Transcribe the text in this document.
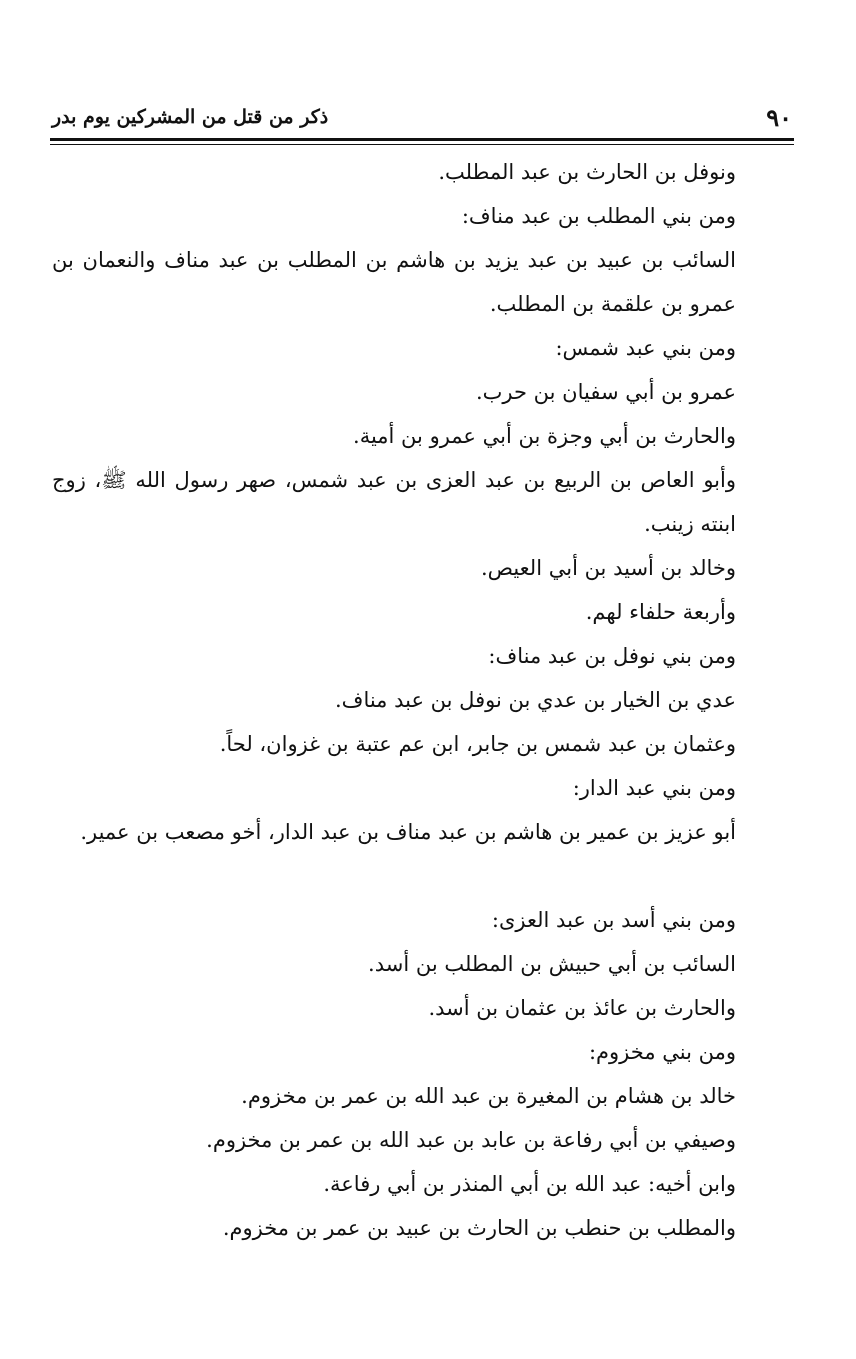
٩٠
ذكر من قتل من المشركين يوم بدر

ونوفل بن الحارث بن عبد المطلب.

ومن بني المطلب بن عبد مناف:

السائب بن عبيد بن عبد يزيد بن هاشم بن المطلب بن عبد مناف والنعمان بن عمرو بن علقمة بن المطلب.

ومن بني عبد شمس:

عمرو بن أبي سفيان بن حرب.

والحارث بن أبي وجزة بن أبي عمرو بن أمية.

وأبو العاص بن الربيع بن عبد العزى بن عبد شمس، صهر رسول الله ﷺ، زوج ابنته زينب.

وخالد بن أسيد بن أبي العيص.

وأربعة حلفاء لهم.

ومن بني نوفل بن عبد مناف:

عدي بن الخيار بن عدي بن نوفل بن عبد مناف.

وعثمان بن عبد شمس بن جابر، ابن عم عتبة بن غزوان، لحاً.

ومن بني عبد الدار:

أبو عزيز بن عمير بن هاشم بن عبد مناف بن عبد الدار، أخو مصعب بن عمير.

ومن بني أسد بن عبد العزى:

السائب بن أبي حبيش بن المطلب بن أسد.

والحارث بن عائذ بن عثمان بن أسد.

ومن بني مخزوم:

خالد بن هشام بن المغيرة بن عبد الله بن عمر بن مخزوم.

وصيفي بن أبي رفاعة بن عابد بن عبد الله بن عمر بن مخزوم.

وابن أخيه: عبد الله بن أبي المنذر بن أبي رفاعة.

والمطلب بن حنطب بن الحارث بن عبيد بن عمر بن مخزوم.
